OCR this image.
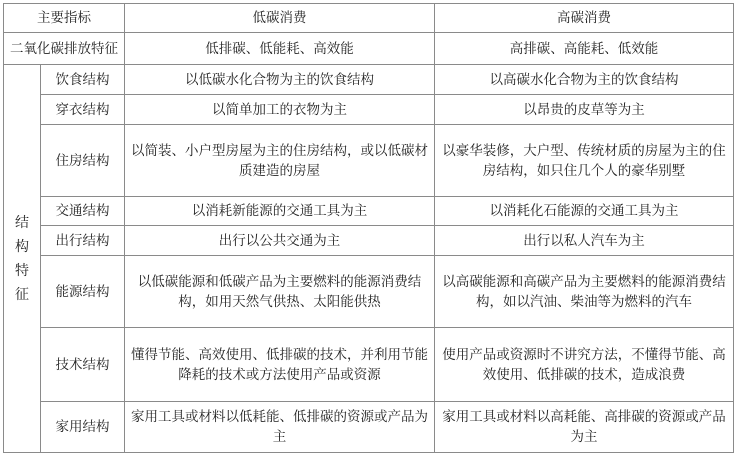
主要指标		低碳消费	高碳消费
二氧化碳排放特征		低排碳、低能耗、高效能	高排碳、高能耗、低效能
结构特征	饮食结构	以低碳水化合物为主的饮食结构	以高碳水化合物为主的饮食结构
	穿衣结构	以简单加工的衣物为主	以昂贵的皮草等为主
	住房结构	以简装、小户型房屋为主的住房结构，或以低碳材质建造的房屋	以豪华装修，大户型、传统材质的房屋为主的住房结构，如只住几个人的豪华别墅
	交通结构	以消耗新能源的交通工具为主	以消耗化石能源的交通工具为主
	出行结构	出行以公共交通为主	出行以私人汽车为主
	能源结构	以低碳能源和低碳产品为主要燃料的能源消费结构，如用天然气供热、太阳能供热	以高碳能源和高碳产品为主要燃料的能源消费结构，如以汽油、柴油等为燃料的汽车
	技术结构	懂得节能、高效使用、低排碳的技术，并利用节能降耗的技术或方法使用产品或资源	使用产品或资源时不讲究方法，不懂得节能、高效使用、低排碳的技术，造成浪费
	家用结构	家用工具或材料以低耗能、低排碳的资源或产品为主	家用工具或材料以高耗能、高排碳的资源或产品为主
